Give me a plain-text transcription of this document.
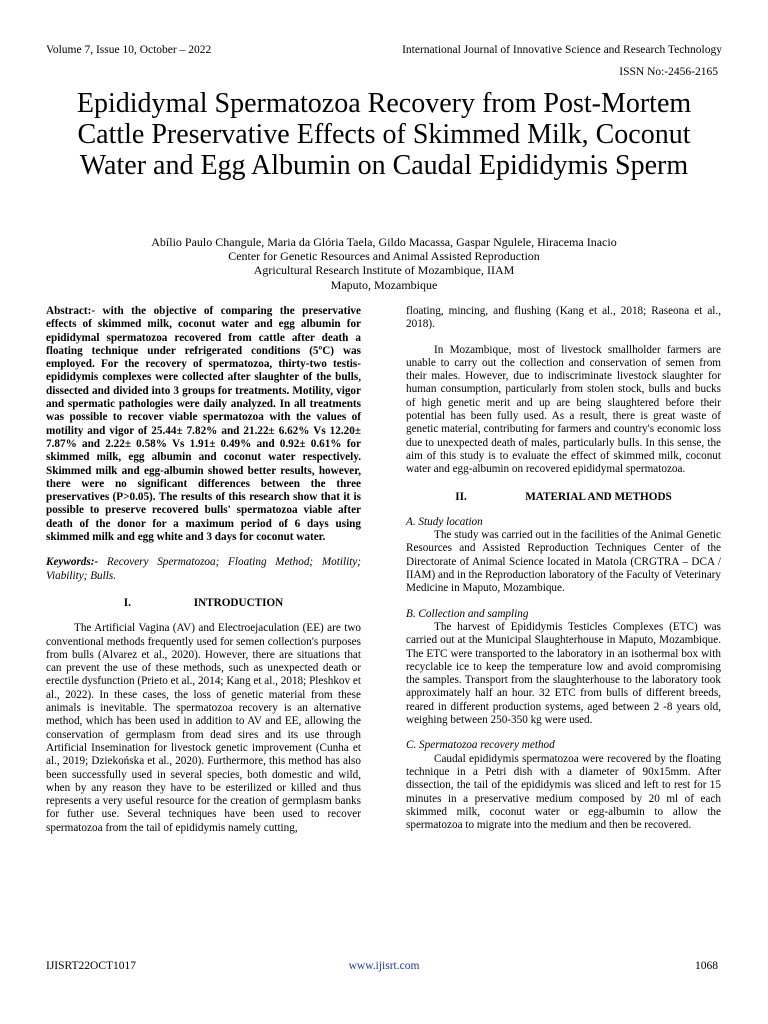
Volume 7, Issue 10, October – 2022	International Journal of Innovative Science and Research Technology
ISSN No:-2456-2165
Epididymal Spermatozoa Recovery from Post-Mortem Cattle Preservative Effects of Skimmed Milk, Coconut Water and Egg Albumin on Caudal Epididymis Sperm
Abílio Paulo Changule, Maria da Glória Taela, Gildo Macassa, Gaspar Ngulele, Hiracema Inacio
Center for Genetic Resources and Animal Assisted Reproduction
Agricultural Research Institute of Mozambique, IIAM
Maputo, Mozambique

Abstract:- with the objective of comparing the preservative effects of skimmed milk, coconut water and egg albumin for epididymal spermatozoa recovered from cattle after death a floating technique under refrigerated conditions (5ºC) was employed. For the recovery of spermatozoa, thirty-two testis-epididymis complexes were collected after slaughter of the bulls, dissected and divided into 3 groups for treatments. Motility, vigor and spermatic pathologies were daily analyzed. In all treatments was possible to recover viable spermatozoa with the values of motility and vigor of 25.44± 7.82% and 21.22± 6.62% Vs 12.20± 7.87% and 2.22± 0.58% Vs 1.91± 0.49% and 0.92± 0.61% for skimmed milk, egg albumin and coconut water respectively. Skimmed milk and egg-albumin showed better results, however, there were no significant differences between the three preservatives (P>0.05). The results of this research show that it is possible to preserve recovered bulls' spermatozoa viable after death of the donor for a maximum period of 6 days using skimmed milk and egg white and 3 days for coconut water.

Keywords:- Recovery Spermatozoa; Floating Method; Motility; Viability; Bulls.

I.	INTRODUCTION

The Artificial Vagina (AV) and Electroejaculation (EE) are two conventional methods frequently used for semen collection's purposes from bulls (Alvarez et al., 2020). However, there are situations that can prevent the use of these methods, such as unexpected death or erectile dysfunction (Prieto et al., 2014; Kang et al., 2018; Pleshkov et al., 2022). In these cases, the loss of genetic material from these animals is inevitable. The spermatozoa recovery is an alternative method, which has been used in addition to AV and EE, allowing the conservation of germplasm from dead sires and its use through Artificial Insemination for livestock genetic improvement (Cunha et al., 2019; Dziekońska et al., 2020). Furthermore, this method has also been successfully used in several species, both domestic and wild, when by any reason they have to be esterilized or killed and thus represents a very useful resource for the creation of germplasm banks for futher use. Several techniques have been used to recover spermatozoa from the tail of epididymis namely cutting,

floating, mincing, and flushing (Kang et al., 2018; Raseona et al., 2018).

In Mozambique, most of livestock smallholder farmers are unable to carry out the collection and conservation of semen from their males. However, due to indiscriminate livestock slaughter for human consumption, particularly from stolen stock, bulls and bucks of high genetic merit and up are being slaughtered before their potential has been fully used. As a result, there is great waste of genetic material, contributing for farmers and country's economic loss due to unexpected death of males, particularly bulls. In this sense, the aim of this study is to evaluate the effect of skimmed milk, coconut water and egg-albumin on recovered epididymal spermatozoa.

II.	MATERIAL AND METHODS

A. Study location

The study was carried out in the facilities of the Animal Genetic Resources and Assisted Reproduction Techniques Center of the Directorate of Animal Science located in Matola (CRGTRA – DCA / IIAM) and in the Reproduction laboratory of the Faculty of Veterinary Medicine in Maputo, Mozambique.

B. Collection and sampling

The harvest of Epididymis Testicles Complexes (ETC) was carried out at the Municipal Slaughterhouse in Maputo, Mozambique. The ETC were transported to the laboratory in an isothermal box with recyclable ice to keep the temperature low and avoid compromising the samples. Transport from the slaughterhouse to the laboratory took approximately half an hour. 32 ETC from bulls of different breeds, reared in different production systems, aged between 2 -8 years old, weighing between 250-350 kg were used.

C. Spermatozoa recovery method

Caudal epididymis spermatozoa were recovered by the floating technique in a Petri dish with a diameter of 90x15mm. After dissection, the tail of the epididymis was sliced and left to rest for 15 minutes in a preservative medium composed by 20 ml of each skimmed milk, coconut water or egg-albumin to allow the spermatozoa to migrate into the medium and then be recovered.

IJISRT22OCT1017	www.ijisrt.com	1068
